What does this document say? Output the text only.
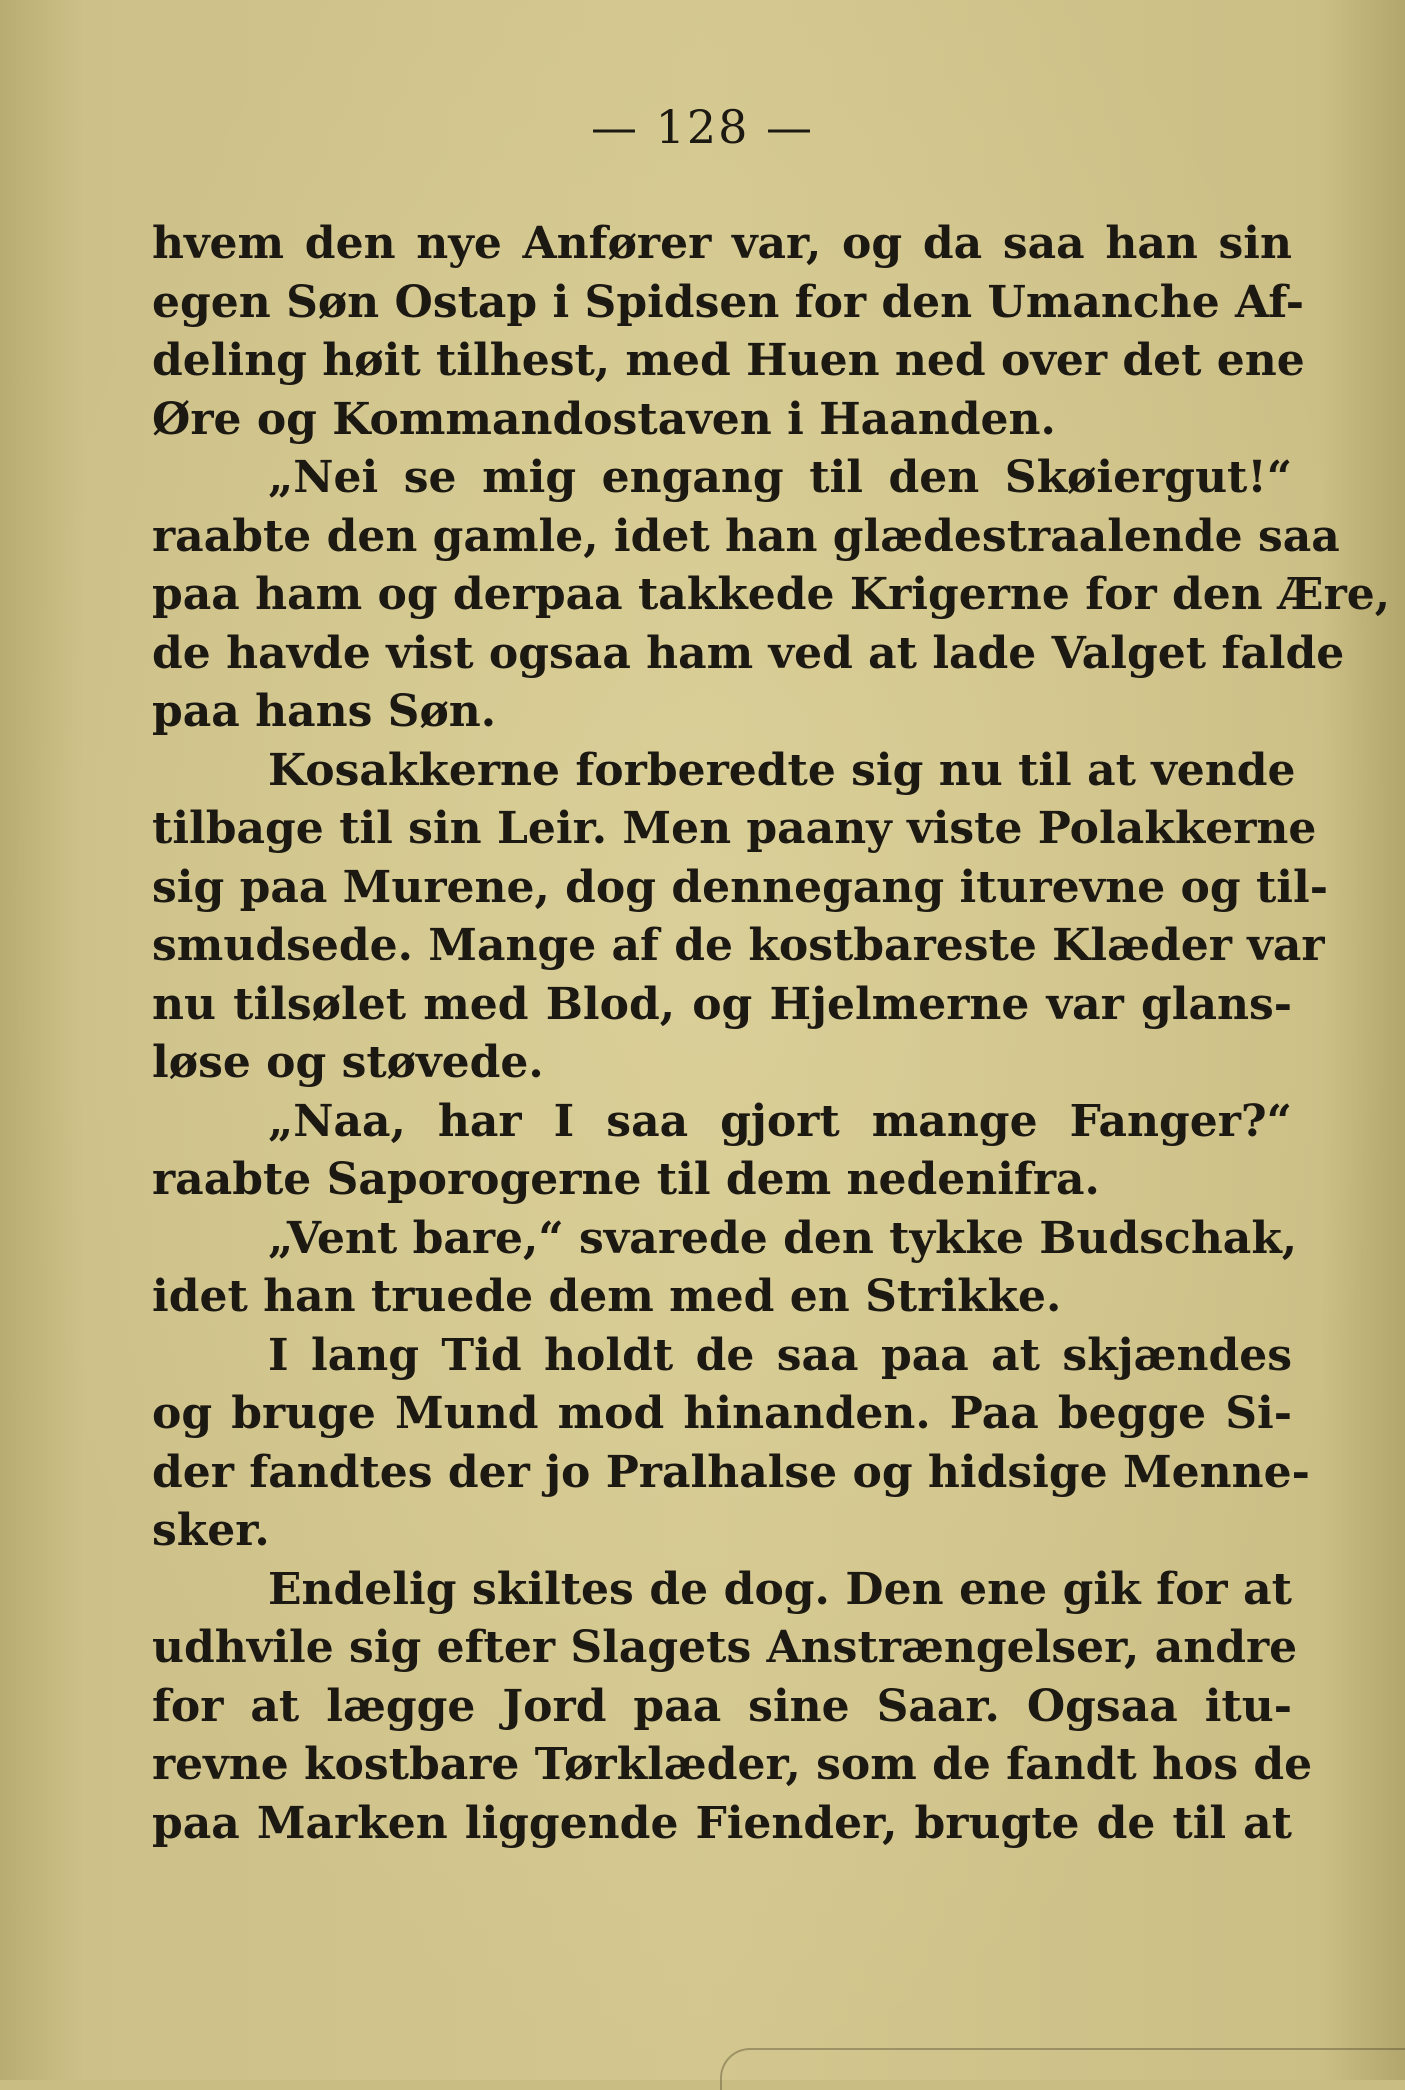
— 128 —
hvem den nye Anfører var, og da saa han sin
egen Søn Ostap i Spidsen for den Umanche Af-
deling høit tilhest, med Huen ned over det ene
Øre og Kommandostaven i Haanden.
„Nei se mig engang til den Skøiergut!“
raabte den gamle, idet han glædestraalende saa
paa ham og derpaa takkede Krigerne for den Ære,
de havde vist ogsaa ham ved at lade Valget falde
paa hans Søn.
Kosakkerne forberedte sig nu til at vende
tilbage til sin Leir. Men paany viste Polakkerne
sig paa Murene, dog dennegang iturevne og til-
smudsede. Mange af de kostbareste Klæder var
nu tilsølet med Blod, og Hjelmerne var glans-
løse og støvede.
„Naa, har I saa gjort mange Fanger?“
raabte Saporogerne til dem nedenifra.
„Vent bare,“ svarede den tykke Budschak,
idet han truede dem med en Strikke.
I lang Tid holdt de saa paa at skjændes
og bruge Mund mod hinanden. Paa begge Si-
der fandtes der jo Pralhalse og hidsige Menne-
sker.
Endelig skiltes de dog. Den ene gik for at
udhvile sig efter Slagets Anstrængelser, andre
for at lægge Jord paa sine Saar. Ogsaa itu-
revne kostbare Tørklæder, som de fandt hos de
paa Marken liggende Fiender, brugte de til at
